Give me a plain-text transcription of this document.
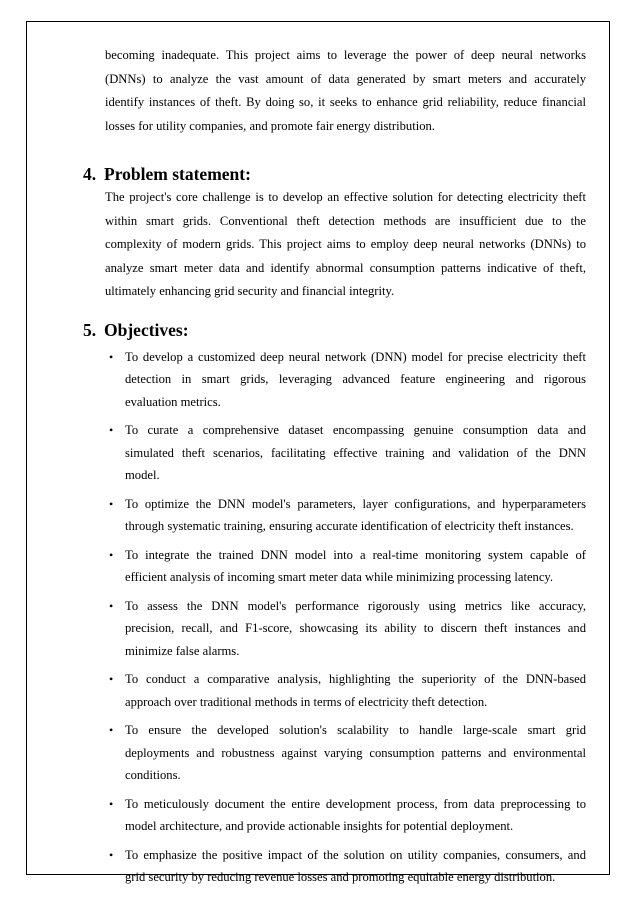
becoming inadequate. This project aims to leverage the power of deep neural networks
(DNNs) to analyze the vast amount of data generated by smart meters and accurately
identify instances of theft. By doing so, it seeks to enhance grid reliability, reduce financial
losses for utility companies, and promote fair energy distribution.

4. Problem statement:

The project's core challenge is to develop an effective solution for detecting electricity theft
within smart grids. Conventional theft detection methods are insufficient due to the
complexity of modern grids. This project aims to employ deep neural networks (DNNs) to
analyze smart meter data and identify abnormal consumption patterns indicative of theft,
ultimately enhancing grid security and financial integrity.

5. Objectives:
• To develop a customized deep neural network (DNN) model for precise electricity theft
detection in smart grids, leveraging advanced feature engineering and rigorous
evaluation metrics.
• To curate a comprehensive dataset encompassing genuine consumption data and
simulated theft scenarios, facilitating effective training and validation of the DNN
model.
• To optimize the DNN model's parameters, layer configurations, and hyperparameters
through systematic training, ensuring accurate identification of electricity theft instances.
• To integrate the trained DNN model into a real-time monitoring system capable of
efficient analysis of incoming smart meter data while minimizing processing latency.
• To assess the DNN model's performance rigorously using metrics like accuracy,
precision, recall, and F1-score, showcasing its ability to discern theft instances and
minimize false alarms.
• To conduct a comparative analysis, highlighting the superiority of the DNN-based
approach over traditional methods in terms of electricity theft detection.
• To ensure the developed solution's scalability to handle large-scale smart grid
deployments and robustness against varying consumption patterns and environmental
conditions.
• To meticulously document the entire development process, from data preprocessing to
model architecture, and provide actionable insights for potential deployment.
• To emphasize the positive impact of the solution on utility companies, consumers, and
grid security by reducing revenue losses and promoting equitable energy distribution.
